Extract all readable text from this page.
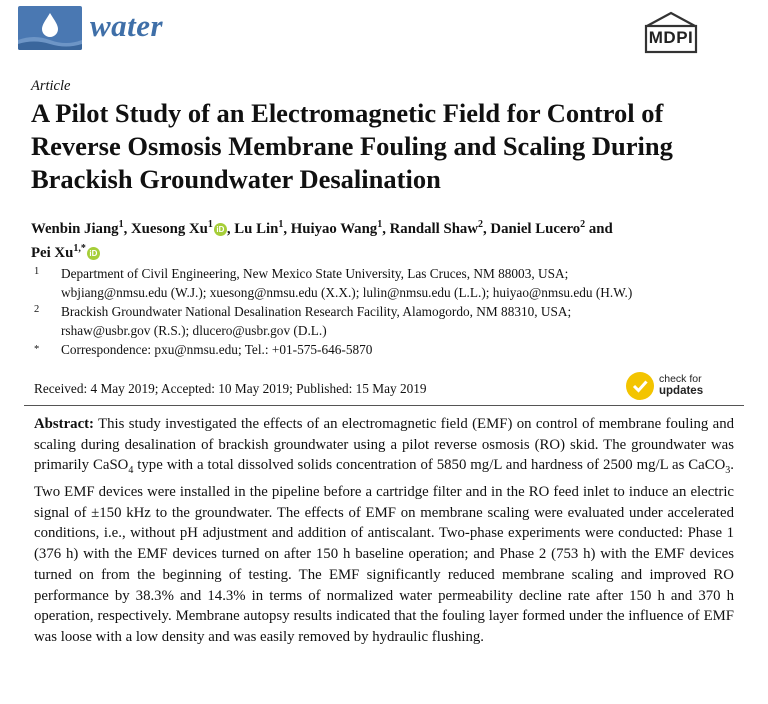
water	MDPI
Article
A Pilot Study of an Electromagnetic Field for Control of Reverse Osmosis Membrane Fouling and Scaling During Brackish Groundwater Desalination
Wenbin Jiang$^1$, Xuesong Xu$^1$ iD , Lu Lin$^1$, Huiyao Wang$^1$, Randall Shaw$^2$, Daniel Lucero$^2$ and
Pei $Xu^{1,*}$ iD
1	Department of Civil Engineering, New Mexico State University, Las Cruces, NM 88003, USA;
wbjiang@nmsu.edu (W.J.); xuesong@nmsu.edu (X.X.); lulin@nmsu.edu (L.L.); huiyao@nmsu.edu (H.W.)
2	Brackish Groundwater National Desalination Research Facility, Alamogordo, NM 88310, USA;
rshaw@usbr.gov (R.S.); dlucero@usbr.gov (D.L.)
*	Correspondence: pxu@nmsu.edu; Tel.: +01-575-646-5870
Received: 4 May 2019; Accepted: 10 May 2019; Published: 15 May 2019
check for
updates

Abstract: This study investigated the effects of an electromagnetic field (EMF) on control of membrane fouling and scaling during desalination of brackish groundwater using a pilot reverse osmosis (RO) skid. The groundwater was primarily CaSO$_4$ type with a total dissolved solids concentration of 5850 mg/L and hardness of 2500 mg/L as CaCO$_3$. Two EMF devices were installed in the pipeline before a cartridge filter and in the RO feed inlet to induce an electric signal of ±150 kHz to the groundwater. The effects of EMF on membrane scaling were evaluated under accelerated conditions, i.e., without pH adjustment and addition of antiscalant. Two-phase experiments were conducted: Phase 1 (376 h) with the EMF devices turned on after 150 h baseline operation; and Phase 2 (753 h) with the EMF devices turned on from the beginning of testing. The EMF significantly reduced membrane scaling and improved RO performance by 38.3% and 14.3% in terms of normalized water permeability decline rate after 150 h and 370 h operation, respectively. Membrane autopsy results indicated that the fouling layer formed under the influence of EMF was loose with a low density and was easily removed by hydraulic flushing.
